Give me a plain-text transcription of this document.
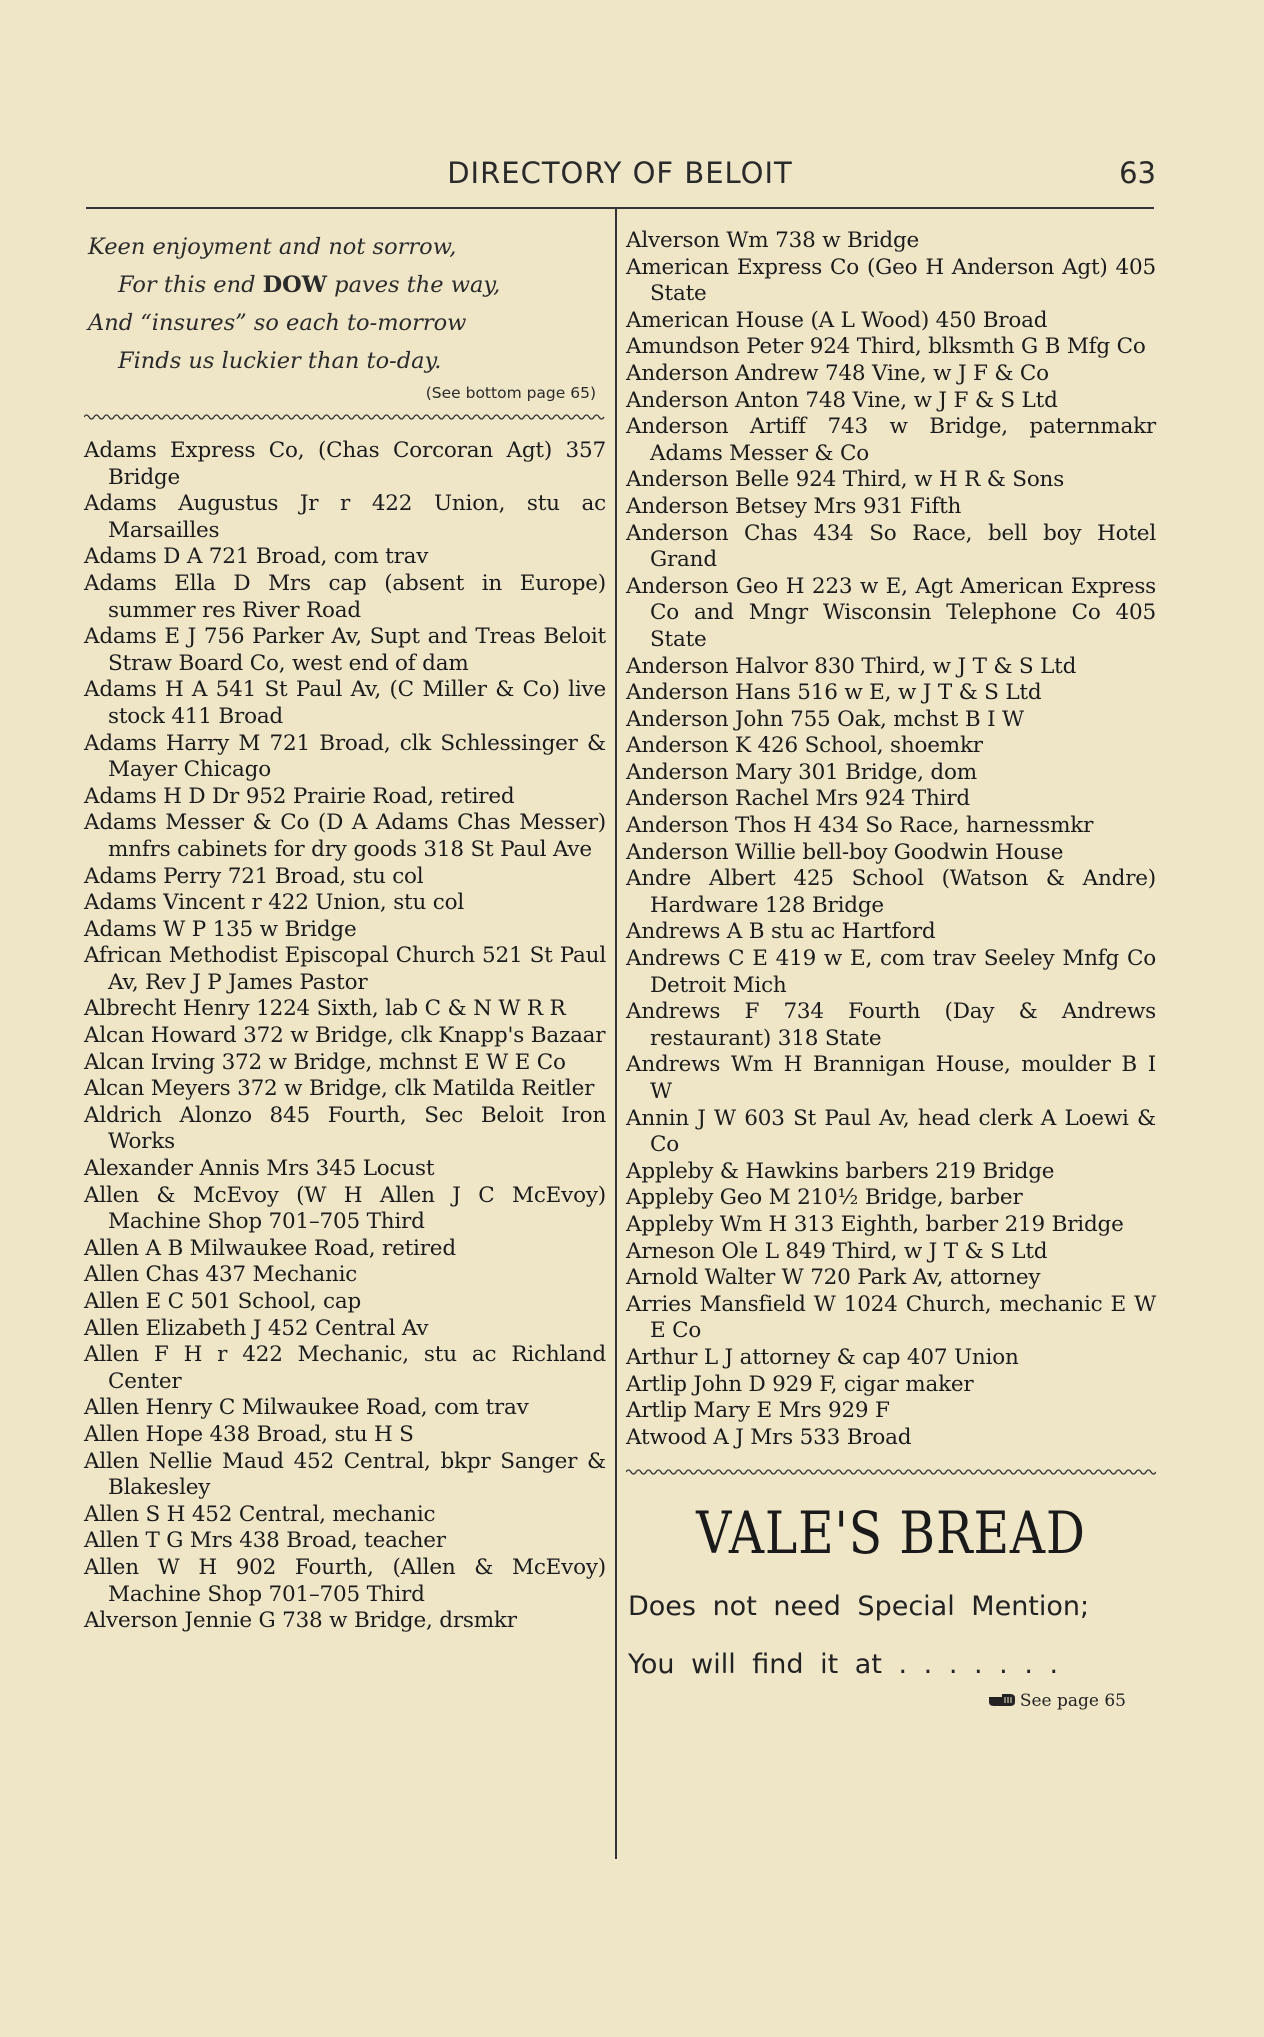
DIRECTORY OF BELOIT	63
Keen enjoyment and not sorrow,
For this end DOW paves the way,
And “insures” so each to-morrow
Finds us luckier than to-day.
(See bottom page 65)
Adams Express Co, (Chas Corcoran Agt) 357 Bridge
Adams Augustus Jr r 422 Union, stu ac Marsailles
Adams D A 721 Broad, com trav
Adams Ella D Mrs cap (absent in Europe) summer res River Road
Adams E J 756 Parker Av, Supt and Treas Beloit Straw Board Co, west end of dam
Adams H A 541 St Paul Av, (C Miller & Co) live stock 411 Broad
Adams Harry M 721 Broad, clk Schlessinger & Mayer Chicago
Adams H D Dr 952 Prairie Road, retired
Adams Messer & Co (D A Adams Chas Messer) mnfrs cabinets for dry goods 318 St Paul Ave
Adams Perry 721 Broad, stu col
Adams Vincent r 422 Union, stu col
Adams W P 135 w Bridge
African Methodist Episcopal Church 521 St Paul Av, Rev J P James Pastor
Albrecht Henry 1224 Sixth, lab C & N W R R
Alcan Howard 372 w Bridge, clk Knapp's Bazaar
Alcan Irving 372 w Bridge, mchnst E W E Co
Alcan Meyers 372 w Bridge, clk Matilda Reitler
Aldrich Alonzo 845 Fourth, Sec Beloit Iron Works
Alexander Annis Mrs 345 Locust
Allen & McEvoy (W H Allen J C McEvoy) Machine Shop 701–705 Third
Allen A B Milwaukee Road, retired
Allen Chas 437 Mechanic
Allen E C 501 School, cap
Allen Elizabeth J 452 Central Av
Allen F H r 422 Mechanic, stu ac Richland Center
Allen Henry C Milwaukee Road, com trav
Allen Hope 438 Broad, stu H S
Allen Nellie Maud 452 Central, bkpr Sanger & Blakesley
Allen S H 452 Central, mechanic
Allen T G Mrs 438 Broad, teacher
Allen W H 902 Fourth, (Allen & McEvoy) Machine Shop 701–705 Third
Alverson Jennie G 738 w Bridge, drsmkr
Alverson Wm 738 w Bridge
American Express Co (Geo H Anderson Agt) 405 State
American House (A L Wood) 450 Broad
Amundson Peter 924 Third, blksmth G B Mfg Co
Anderson Andrew 748 Vine, w J F & Co
Anderson Anton 748 Vine, w J F & S Ltd
Anderson Artiff 743 w Bridge, paternmakr Adams Messer & Co
Anderson Belle 924 Third, w H R & Sons
Anderson Betsey Mrs 931 Fifth
Anderson Chas 434 So Race, bell boy Hotel Grand
Anderson Geo H 223 w E, Agt American Express Co and Mngr Wisconsin Telephone Co 405 State
Anderson Halvor 830 Third, w J T & S Ltd
Anderson Hans 516 w E, w J T & S Ltd
Anderson John 755 Oak, mchst B I W
Anderson K 426 School, shoemkr
Anderson Mary 301 Bridge, dom
Anderson Rachel Mrs 924 Third
Anderson Thos H 434 So Race, harnessmkr
Anderson Willie bell-boy Goodwin House
Andre Albert 425 School (Watson & Andre) Hardware 128 Bridge
Andrews A B stu ac Hartford
Andrews C E 419 w E, com trav Seeley Mnfg Co Detroit Mich
Andrews F 734 Fourth (Day & Andrews restaurant) 318 State
Andrews Wm H Brannigan House, moulder B I W
Annin J W 603 St Paul Av, head clerk A Loewi & Co
Appleby & Hawkins barbers 219 Bridge
Appleby Geo M 210½ Bridge, barber
Appleby Wm H 313 Eighth, barber 219 Bridge
Arneson Ole L 849 Third, w J T & S Ltd
Arnold Walter W 720 Park Av, attorney
Arries Mansfield W 1024 Church, mechanic E W E Co
Arthur L J attorney & cap 407 Union
Artlip John D 929 F, cigar maker
Artlip Mary E Mrs 929 F
Atwood A J Mrs 533 Broad
VALE'S BREAD
Does not need Special Mention;
You will find it at . . . . . . .
See page 65
